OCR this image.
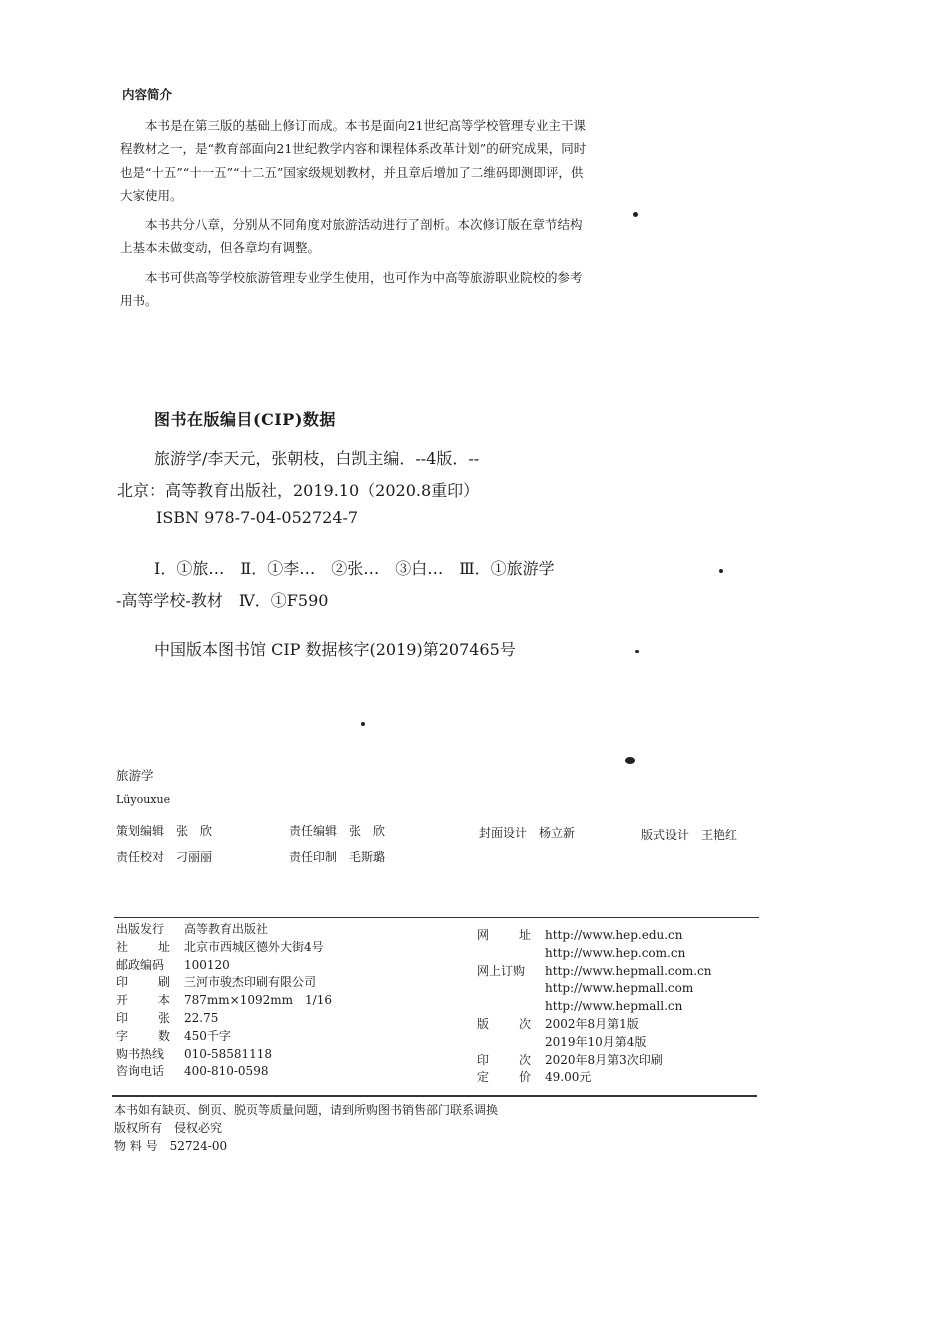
内容简介
本书是在第三版的基础上修订而成。本书是面向21世纪高等学校管理专业主干课程教材之一，是“教育部面向21世纪教学内容和课程体系改革计划”的研究成果，同时也是“十五”“十一五”“十二五”国家级规划教材，并且章后增加了二维码即测即评，供大家使用。
本书共分八章，分别从不同角度对旅游活动进行了剖析。本次修订版在章节结构上基本未做变动，但各章均有调整。
本书可供高等学校旅游管理专业学生使用，也可作为中高等旅游职业院校的参考用书。
图书在版编目(CIP)数据
旅游学/李天元，张朝枝，白凯主编．--4版．--
北京：高等教育出版社，2019.10（2020.8重印）
ISBN 978-7-04-052724-7
Ⅰ．①旅…　Ⅱ．①李…　②张…　③白…　Ⅲ．①旅游学
-高等学校-教材　Ⅳ．①F590
中国版本图书馆 CIP 数据核字(2019)第207465号
旅游学
Lüyouxue
策划编辑　张　欣	责任编辑　张　欣	封面设计　杨立新	版式设计　王艳红
责任校对　刁丽丽	责任印制　毛斯璐
出版发行	高等教育出版社
社址 北京市西城区德外大街4号
邮政编码	100120
印刷 三河市骏杰印刷有限公司
开本 787mm×1092mm　1/16
印张 22.75
字数 450千字
购书热线	010-58581118
咨询电话	400-810-0598
网址 http://www.hep.edu.cn
http://www.hep.com.cn
网上订购	http://www.hepmall.com.cn
http://www.hepmall.com
http://www.hepmall.cn
版次 2002年8月第1版
2019年10月第4版
印次 2020年8月第3次印刷
定价 49.00元
本书如有缺页、倒页、脱页等质量问题，请到所购图书销售部门联系调换
版权所有　侵权必究
物 料 号　52724-00
